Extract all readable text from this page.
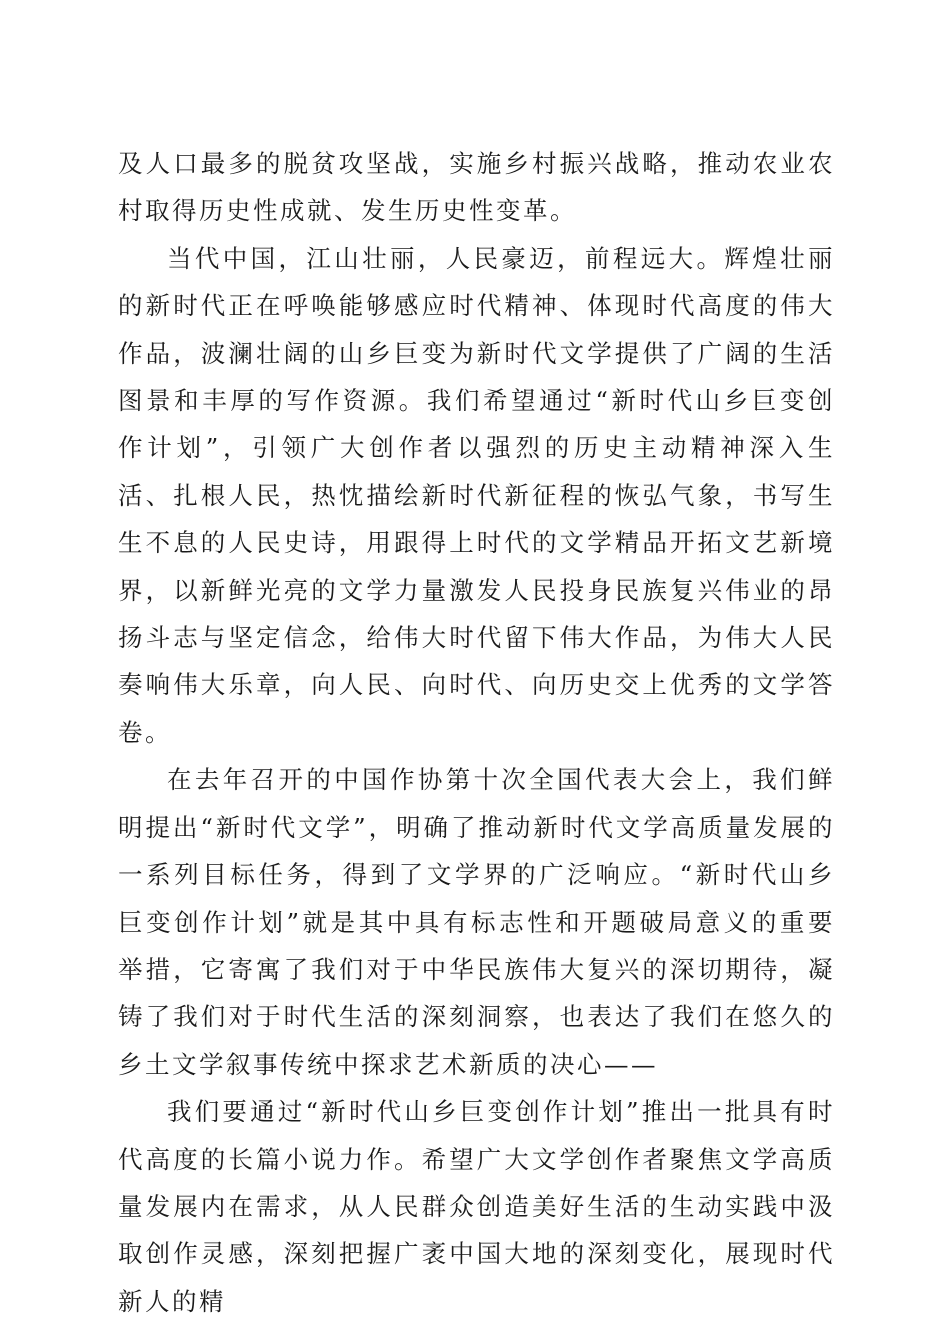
及人口最多的脱贫攻坚战，实施乡村振兴战略，推动农业农村取得历史性成就、发生历史性变革。

当代中国，江山壮丽，人民豪迈，前程远大。辉煌壮丽的新时代正在呼唤能够感应时代精神、体现时代高度的伟大作品，波澜壮阔的山乡巨变为新时代文学提供了广阔的生活图景和丰厚的写作资源。我们希望通过“新时代山乡巨变创作计划”，引领广大创作者以强烈的历史主动精神深入生活、扎根人民，热忱描绘新时代新征程的恢弘气象，书写生生不息的人民史诗，用跟得上时代的文学精品开拓文艺新境界，以新鲜光亮的文学力量激发人民投身民族复兴伟业的昂扬斗志与坚定信念，给伟大时代留下伟大作品，为伟大人民奏响伟大乐章，向人民、向时代、向历史交上优秀的文学答卷。

在去年召开的中国作协第十次全国代表大会上，我们鲜明提出“新时代文学”，明确了推动新时代文学高质量发展的一系列目标任务，得到了文学界的广泛响应。“新时代山乡巨变创作计划”就是其中具有标志性和开题破局意义的重要举措，它寄寓了我们对于中华民族伟大复兴的深切期待，凝铸了我们对于时代生活的深刻洞察，也表达了我们在悠久的乡土文学叙事传统中探求艺术新质的决心——

我们要通过“新时代山乡巨变创作计划”推出一批具有时代高度的长篇小说力作。希望广大文学创作者聚焦文学高质量发展内在需求，从人民群众创造美好生活的生动实践中汲取创作灵感，深刻把握广袤中国大地的深刻变化，展现时代新人的精
